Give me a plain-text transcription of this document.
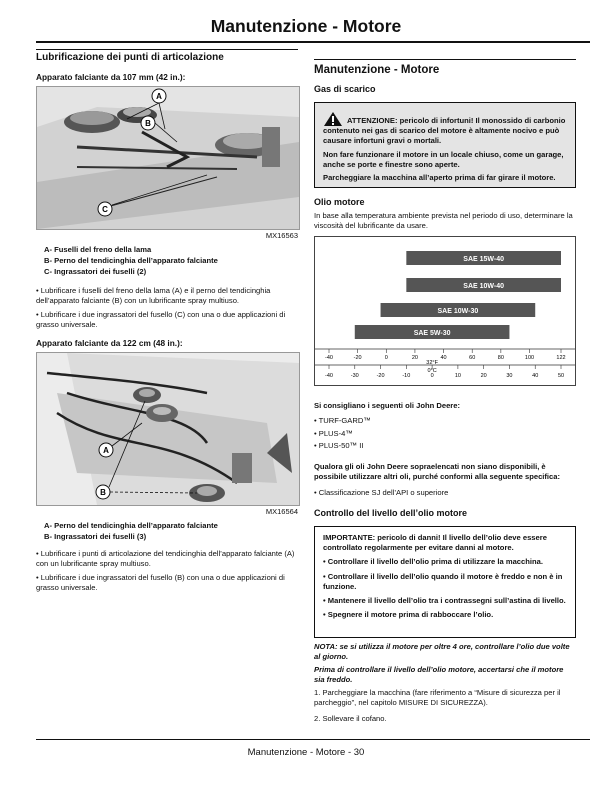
Manutenzione - Motore
Lubrificazione dei punti di articolazione
Apparato falciante da 107 mm (42 in.):
A
B
C
MX16563
A- Fuselli del freno della lama
B- Perno del tendicinghia dell’apparato falciante
C- Ingrassatori dei fuselli (2)

• Lubrificare i fuselli del freno della lama (A) e il perno del tendicinghia dell’apparato falciante (B) con un lubrificante spray multiuso.

• Lubrificare i due ingrassatori del fusello (C) con una o due applicazioni di grasso universale.

Apparato falciante da 122 cm (48 in.):
A
B
MX16564
A- Perno del tendicinghia dell’apparato falciante
B- Ingrassatori dei fuselli (3)

• Lubrificare i punti di articolazione del tendicinghia dell’apparato falciante (A) con un lubrificante spray multiuso.

• Lubrificare i due ingrassatori del fusello (B) con una o due applicazioni di grasso universale.

Manutenzione - Motore
Gas di scarico

ATTENZIONE: pericolo di infortuni! Il monossido di carbonio contenuto nei gas di scarico del motore è altamente nocivo e può causare infortuni gravi o mortali.

Non fare funzionare il motore in un locale chiuso, come un garage, anche se porte e finestre sono aperte.

Parcheggiare la macchina all’aperto prima di far girare il motore.

Olio motore

In base alla temperatura ambiente prevista nel periodo di uso, determinare la viscosità del lubrificante da usare.

SAE 15W-40
SAE 10W-40
SAE 10W-30
SAE 5W-30
-40	-20	0	20	40	60	80	100	122
32°F
-40	-30	-20	-10	0	10	20	30	40	50
0°C
Si consigliano i seguenti oli John Deere:
• TURF-GARD™
• PLUS-4™
• PLUS-50™ II

Qualora gli oli John Deere sopraelencati non siano disponibili, è possibile utilizzare altri oli, purché conformi alla seguente specifica:

• Classificazione SJ dell’API o superiore

Controllo del livello dell’olio motore

IMPORTANTE: pericolo di danni! Il livello dell’olio deve essere controllato regolarmente per evitare danni al motore.

• Controllare il livello dell’olio prima di utilizzare la macchina.

• Controllare il livello dell’olio quando il motore è freddo e non è in funzione.

• Mantenere il livello dell’olio tra i contrassegni sull’astina di livello.

• Spegnere il motore prima di rabboccare l’olio.

NOTA: se si utilizza il motore per oltre 4 ore, controllare l’olio due volte al giorno.

Prima di controllare il livello dell’olio motore, accertarsi che il motore sia freddo.

1. Parcheggiare la macchina (fare riferimento a “Misure di sicurezza per il parcheggio”, nel capitolo MISURE DI SICUREZZA).

2. Sollevare il cofano.

Manutenzione - Motore - 30
